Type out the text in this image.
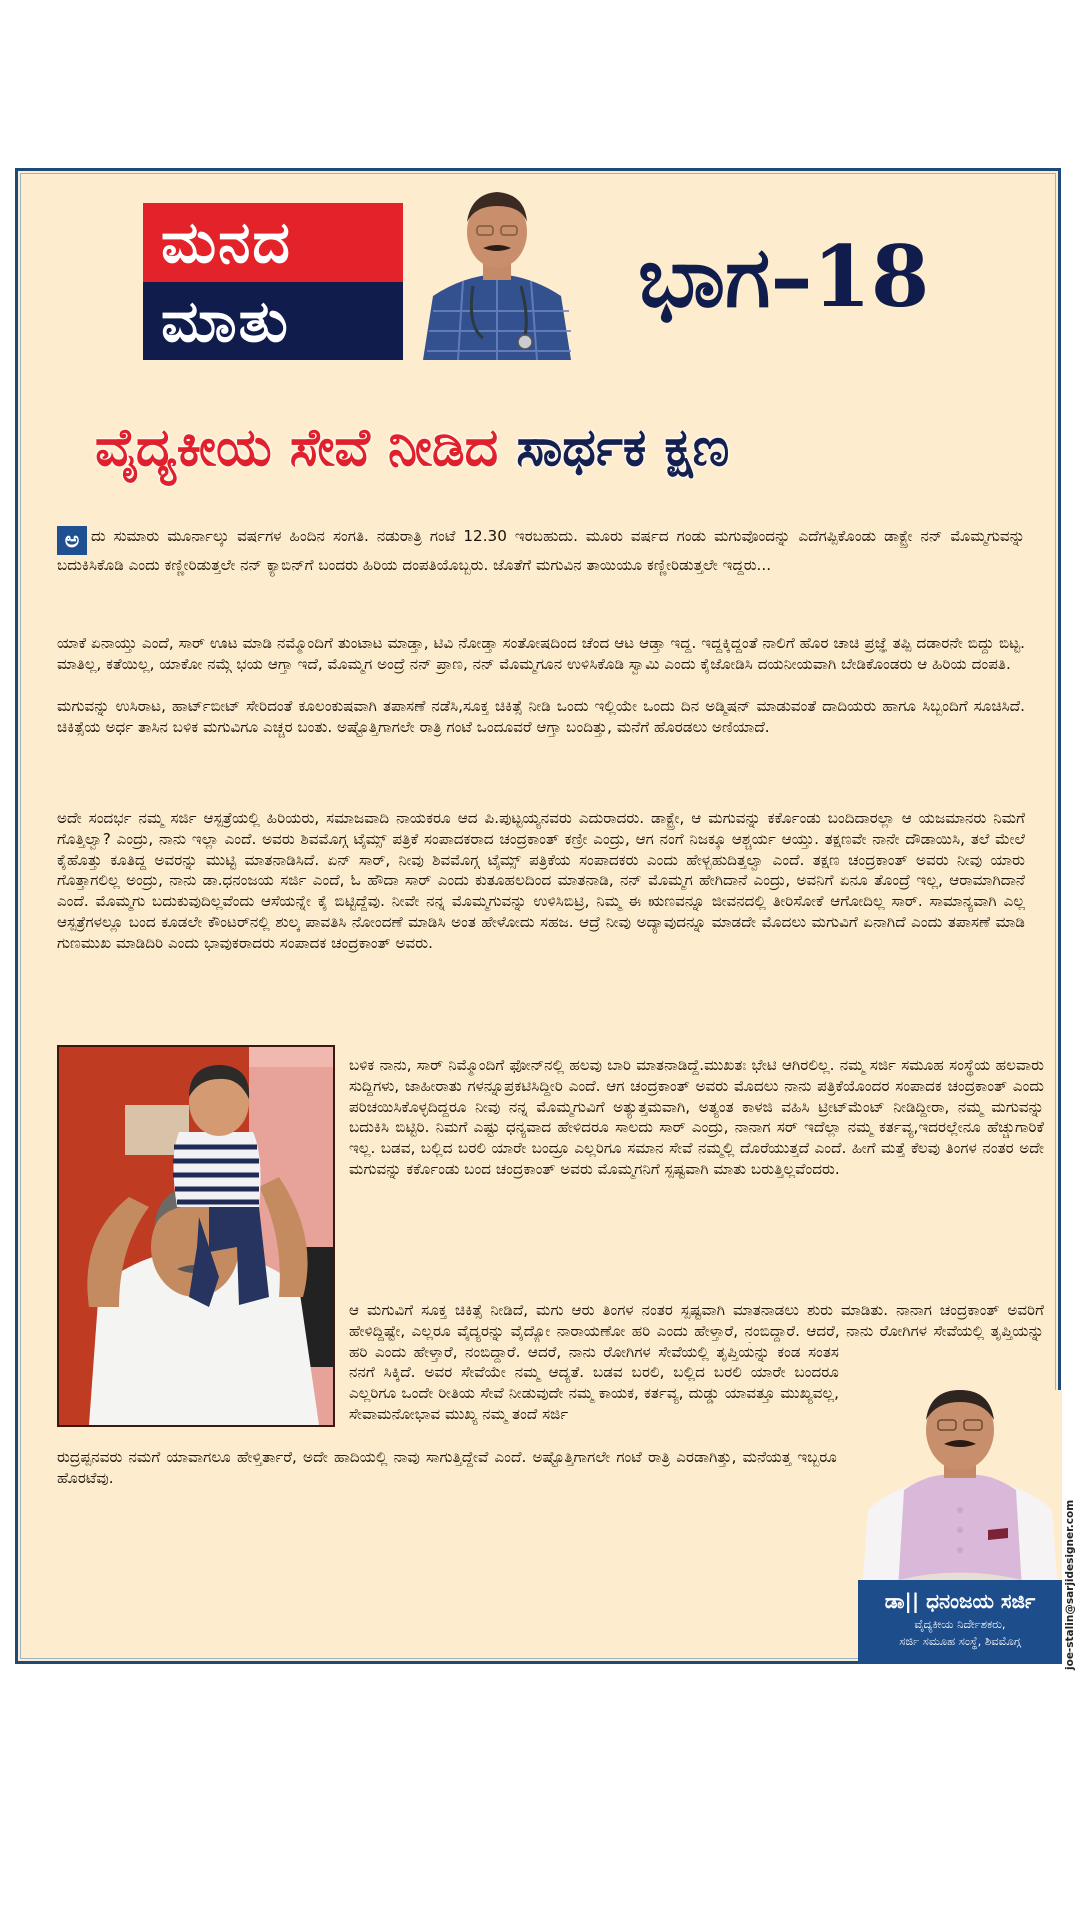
ಮನದ
ಮಾತು	ಭಾಗ–18
ವೈದ್ಯಕೀಯ ಸೇವೆ ನೀಡಿದ ಸಾರ್ಥಕ ಕ್ಷಣ
ಅ ದು ಸುಮಾರು ಮೂರ್ನಾಲ್ಕು ವರ್ಷಗಳ ಹಿಂದಿನ ಸಂಗತಿ. ನಡುರಾತ್ರಿ ಗಂಟೆ 12.30 ಇರಬಹುದು. ಮೂರು ವರ್ಷದ ಗಂಡು ಮಗುವೊಂದನ್ನು ಎದೆಗಪ್ಪಿಕೊಂಡು ಡಾಕ್ಟ್ರೇ ನನ್ ಮೊಮ್ಮಗುವನ್ನು ಬದುಕಿಸಿಕೊಡಿ ಎಂದು ಕಣ್ಣೀರಿಡುತ್ತಲೇ ನನ್ ಕ್ಯಾಬಿನ್‌ಗೆ ಬಂದರು ಹಿರಿಯ ದಂಪತಿಯೊಬ್ಬರು. ಜೊತೆಗೆ ಮಗುವಿನ ತಾಯಿಯೂ ಕಣ್ಣೀರಿಡುತ್ತಲೇ ಇದ್ದರು...
ಯಾಕೆ ಏನಾಯ್ತು ಎಂದೆ, ಸಾರ್ ಊಟ ಮಾಡಿ ನಮ್ಮೊಂದಿಗೆ ತುಂಟಾಟ ಮಾಡ್ತಾ, ಟಿವಿ ನೋಡ್ತಾ ಸಂತೋಷದಿಂದ ಚೆಂದ ಆಟ ಆಡ್ತಾ ಇದ್ದ. ಇದ್ದಕ್ಕಿದ್ದಂತೆ ನಾಲಿಗೆ ಹೊರ ಚಾಚಿ ಪ್ರಜ್ಞೆ ತಪ್ಪಿ ದಡಾರನೇ ಬಿದ್ದು ಬಿಟ್ಟ. ಮಾತಿಲ್ಲ, ಕತೆಯಿಲ್ಲ, ಯಾಕೋ ನಮ್ಗೆ ಭಯ ಆಗ್ತಾ ಇದೆ, ಮೊಮ್ಮಗ ಅಂದ್ರೆ ನನ್ ಪ್ರಾಣ, ನನ್ ಮೊಮ್ಮಗೂನ ಉಳಿಸಿಕೊಡಿ ಸ್ವಾಮಿ ಎಂದು ಕೈಜೋಡಿಸಿ ದಯನೀಯವಾಗಿ ಬೇಡಿಕೊಂಡರು ಆ ಹಿರಿಯ ದಂಪತಿ.
ಮಗುವನ್ನು ಉಸಿರಾಟ, ಹಾರ್ಟ್‌ಬೀಟ್ ಸೇರಿದಂತೆ ಕೂಲಂಕುಷವಾಗಿ ತಪಾಸಣೆ ನಡೆಸಿ,ಸೂಕ್ತ ಚಿಕಿತ್ಸೆ ನೀಡಿ ಒಂದು ಇಲ್ಲಿಯೇ ಒಂದು ದಿನ ಅಡ್ಮಿಷನ್ ಮಾಡುವಂತೆ ದಾದಿಯರು ಹಾಗೂ ಸಿಬ್ಬಂದಿಗೆ ಸೂಚಿಸಿದೆ. ಚಿಕಿತ್ಸೆಯ ಅರ್ಧ ತಾಸಿನ ಬಳಿಕ ಮಗುವಿಗೂ ಎಚ್ಚರ ಬಂತು. ಅಷ್ಟೊತ್ತಿಗಾಗಲೇ ರಾತ್ರಿ ಗಂಟೆ ಒಂದೂವರೆ ಆಗ್ತಾ ಬಂದಿತ್ತು, ಮನೆಗೆ ಹೊರಡಲು ಅಣಿಯಾದೆ.
ಅದೇ ಸಂದರ್ಭ ನಮ್ಮ ಸರ್ಜಿ ಆಸ್ಪತ್ರೆಯಲ್ಲಿ ಹಿರಿಯರು, ಸಮಾಜವಾದಿ ನಾಯಕರೂ ಆದ ಪಿ.ಪುಟ್ಟಯ್ಯನವರು ಎದುರಾದರು. ಡಾಕ್ಟ್ರೇ, ಆ ಮಗುವನ್ನು ಕರ್ಕೊಂಡು ಬಂದಿದಾರಲ್ಲಾ ಆ ಯಜಮಾನರು ನಿಮಗೆ ಗೊತ್ತಿಲ್ವಾ? ಎಂದ್ರು, ನಾನು ಇಲ್ಲಾ ಎಂದೆ. ಅವರು ಶಿವಮೊಗ್ಗ ಟೈಮ್ಸ್ ಪತ್ರಿಕೆ ಸಂಪಾದಕರಾದ ಚಂದ್ರಕಾಂತ್ ಕಣ್ರೀ ಎಂದ್ರು, ಆಗ ನಂಗೆ ನಿಜಕ್ಕೂ ಆಶ್ಚರ್ಯ ಆಯ್ತು. ತಕ್ಷಣವೇ ನಾನೇ ದೌಡಾಯಿಸಿ, ತಲೆ ಮೇಲೆ ಕೈಹೊತ್ತು ಕೂತಿದ್ದ ಅವರನ್ನು ಮುಟ್ಟಿ ಮಾತನಾಡಿಸಿದೆ. ಏನ್ ಸಾರ್, ನೀವು ಶಿವಮೊಗ್ಗ ಟೈಮ್ಸ್ ಪತ್ರಿಕೆಯ ಸಂಪಾದಕರು ಎಂದು ಹೇಳ್ಬಹುದಿತ್ತಲ್ವಾ ಎಂದೆ. ತಕ್ಷಣ ಚಂದ್ರಕಾಂತ್ ಅವರು ನೀವು ಯಾರು ಗೊತ್ತಾಗಲಿಲ್ಲ ಅಂದ್ರು, ನಾನು ಡಾ.ಧನಂಜಯ ಸರ್ಜಿ ಎಂದೆ, ಓ ಹೌದಾ ಸಾರ್ ಎಂದು ಕುತೂಹಲದಿಂದ ಮಾತನಾಡಿ, ನನ್ ಮೊಮ್ಮಗ ಹೇಗಿದಾನೆ ಎಂದ್ರು, ಅವನಿಗೆ ಏನೂ ತೊಂದ್ರೆ ಇಲ್ಲ, ಆರಾಮಾಗಿದಾನೆ ಎಂದೆ. ಮೊಮ್ಮಗು ಬದುಕುವುದಿಲ್ಲವೆಂದು ಆಸೆಯನ್ನೇ ಕೈ ಬಿಟ್ಟಿದ್ದೆವು. ನೀವೇ ನನ್ನ ಮೊಮ್ಮಗುವನ್ನು ಉಳಿಸಿಬಿಟ್ರಿ, ನಿಮ್ಮ ಈ ಋಣವನ್ನೂ ಜೀವನದಲ್ಲಿ ತೀರಿಸೋಕೆ ಆಗೋದಿಲ್ಲ ಸಾರ್. ಸಾಮಾನ್ಯವಾಗಿ ಎಲ್ಲ ಆಸ್ಪತ್ರೆಗಳಲ್ಲೂ ಬಂದ ಕೂಡಲೇ ಕೌಂಟರ್‌ನಲ್ಲಿ ಶುಲ್ಕ ಪಾವತಿಸಿ ನೋಂದಣೆ ಮಾಡಿಸಿ ಅಂತ ಹೇಳೋದು ಸಹಜ. ಆದ್ರೆ ನೀವು ಅದ್ಯಾವುದನ್ನೂ ಮಾಡದೇ ಮೊದಲು ಮಗುವಿಗೆ ಏನಾಗಿದೆ ಎಂದು ತಪಾಸಣೆ ಮಾಡಿ ಗುಣಮುಖ ಮಾಡಿದಿರಿ ಎಂದು ಭಾವುಕರಾದರು ಸಂಪಾದಕ ಚಂದ್ರಕಾಂತ್ ಅವರು.
ಬಳಿಕ ನಾನು, ಸಾರ್ ನಿಮ್ಮೊಂದಿಗೆ ಫೋನ್‌ನಲ್ಲಿ ಹಲವು ಬಾರಿ ಮಾತನಾಡಿದ್ದೆ.ಮುಖತಃ ಭೇಟಿ ಆಗಿರಲಿಲ್ಲ. ನಮ್ಮ ಸರ್ಜಿ ಸಮೂಹ ಸಂಸ್ಥೆಯ ಹಲವಾರು ಸುದ್ದಿಗಳು, ಜಾಹೀರಾತು ಗಳನ್ನೂಪ್ರಕಟಿಸಿದ್ದೀರಿ ಎಂದೆ. ಆಗ ಚಂದ್ರಕಾಂತ್ ಅವರು ಮೊದಲು ನಾನು ಪತ್ರಿಕೆಯೊಂದರ ಸಂಪಾದಕ ಚಂದ್ರಕಾಂತ್ ಎಂದು ಪರಿಚಯಿಸಿಕೊಳ್ಳದಿದ್ದರೂ ನೀವು ನನ್ನ ಮೊಮ್ಮಗುವಿಗೆ ಅತ್ಯುತ್ತಮವಾಗಿ, ಅತ್ಯಂತ ಕಾಳಜಿ ವಹಿಸಿ ಟ್ರೀಟ್‌ಮೆಂಟ್ ನೀಡಿದ್ದೀರಾ, ನಮ್ಮ ಮಗುವನ್ನು ಬದುಕಿಸಿ ಬಿಟ್ಟಿರಿ. ನಿಮಗೆ ಎಷ್ಟು ಧನ್ಯವಾದ ಹೇಳಿದರೂ ಸಾಲದು ಸಾರ್ ಎಂದ್ರು, ನಾನಾಗ ಸರ್ ಇದೆಲ್ಲಾ ನಮ್ಮ ಕರ್ತವ್ಯ,ಇದರಲ್ಲೇನೂ ಹೆಚ್ಚುಗಾರಿಕೆ ಇಲ್ಲ. ಬಡವ, ಬಲ್ಲಿದ ಬರಲಿ ಯಾರೇ ಬಂದ್ರೂ ಎಲ್ಲರಿಗೂ ಸಮಾನ ಸೇವೆ ನಮ್ಮಲ್ಲಿ ದೊರೆಯುತ್ತದೆ ಎಂದೆ. ಹೀಗೆ ಮತ್ತೆ ಕೆಲವು ತಿಂಗಳ ನಂತರ ಅದೇ ಮಗುವನ್ನು ಕರ್ಕೊಂಡು ಬಂದ ಚಂದ್ರಕಾಂತ್ ಅವರು ಮೊಮ್ಮಗನಿಗೆ ಸ್ಪಷ್ಟವಾಗಿ ಮಾತು ಬರುತ್ತಿಲ್ಲವೆಂದರು.
ಆ ಮಗುವಿಗೆ ಸೂಕ್ತ ಚಿಕಿತ್ಸೆ ನೀಡಿದೆ, ಮಗು ಆರು ತಿಂಗಳ ನಂತರ ಸ್ಪಷ್ಟವಾಗಿ ಮಾತನಾಡಲು ಶುರು ಮಾಡಿತು. ನಾನಾಗ ಚಂದ್ರಕಾಂತ್ ಅವರಿಗೆ ಹೇಳಿದ್ದಿಷ್ಟೇ, ಎಲ್ಲರೂ ವೈದ್ಯರನ್ನು ವೈದ್ಯೋ ನಾರಾಯಣೋ ಹರಿ ಎಂದು ಹೇಳ್ತಾರೆ, ನಂಬಿದ್ದಾರೆ. ಆದರೆ, ನಾನು ರೋಗಿಗಳ ಸೇವೆಯಲ್ಲಿ ತೃಪ್ತಿಯನ್ನು
ಹರಿ ಎಂದು ಹೇಳ್ತಾರೆ, ನಂಬಿದ್ದಾರೆ. ಆದರೆ, ನಾನು ರೋಗಿಗಳ ಸೇವೆಯಲ್ಲಿ ತೃಪ್ತಿಯನ್ನು ಕಂಡ ಸಂತಸ ನನಗೆ ಸಿಕ್ಕಿದೆ. ಅವರ ಸೇವೆಯೇ ನಮ್ಮ ಆದ್ಯತೆ. ಬಡವ ಬರಲಿ, ಬಲ್ಲಿದ ಬರಲಿ ಯಾರೇ ಬಂದರೂ ಎಲ್ಲರಿಗೂ ಒಂದೇ ರೀತಿಯ ಸೇವೆ ನೀಡುವುದೇ ನಮ್ಮ ಕಾಯಕ, ಕರ್ತವ್ಯ, ದುಡ್ಡು ಯಾವತ್ತೂ ಮುಖ್ಯವಲ್ಲ, ಸೇವಾಮನೋಭಾವ ಮುಖ್ಯ ನಮ್ಮ ತಂದೆ ಸರ್ಜಿ
ರುದ್ರಪ್ಪನವರು ನಮಗೆ ಯಾವಾಗಲೂ ಹೇಳ್ತಿರ್ತಾರೆ, ಅದೇ ಹಾದಿಯಲ್ಲಿ ನಾವು ಸಾಗುತ್ತಿದ್ದೇವೆ ಎಂದೆ. ಅಷ್ಟೊತ್ತಿಗಾಗಲೇ ಗಂಟೆ ರಾತ್ರಿ ಎರಡಾಗಿತ್ತು, ಮನೆಯತ್ತ ಇಬ್ಬರೂ ಹೊರಟೆವು.
ಡಾ|| ಧನಂಜಯ ಸರ್ಜಿ
ವೈದ್ಯಕೀಯ ನಿರ್ದೇಶಕರು,
ಸರ್ಜಿ ಸಮೂಹ ಸಂಸ್ಥೆ, ಶಿವಮೊಗ್ಗ	joe-stalin@sarjidesigner.com
